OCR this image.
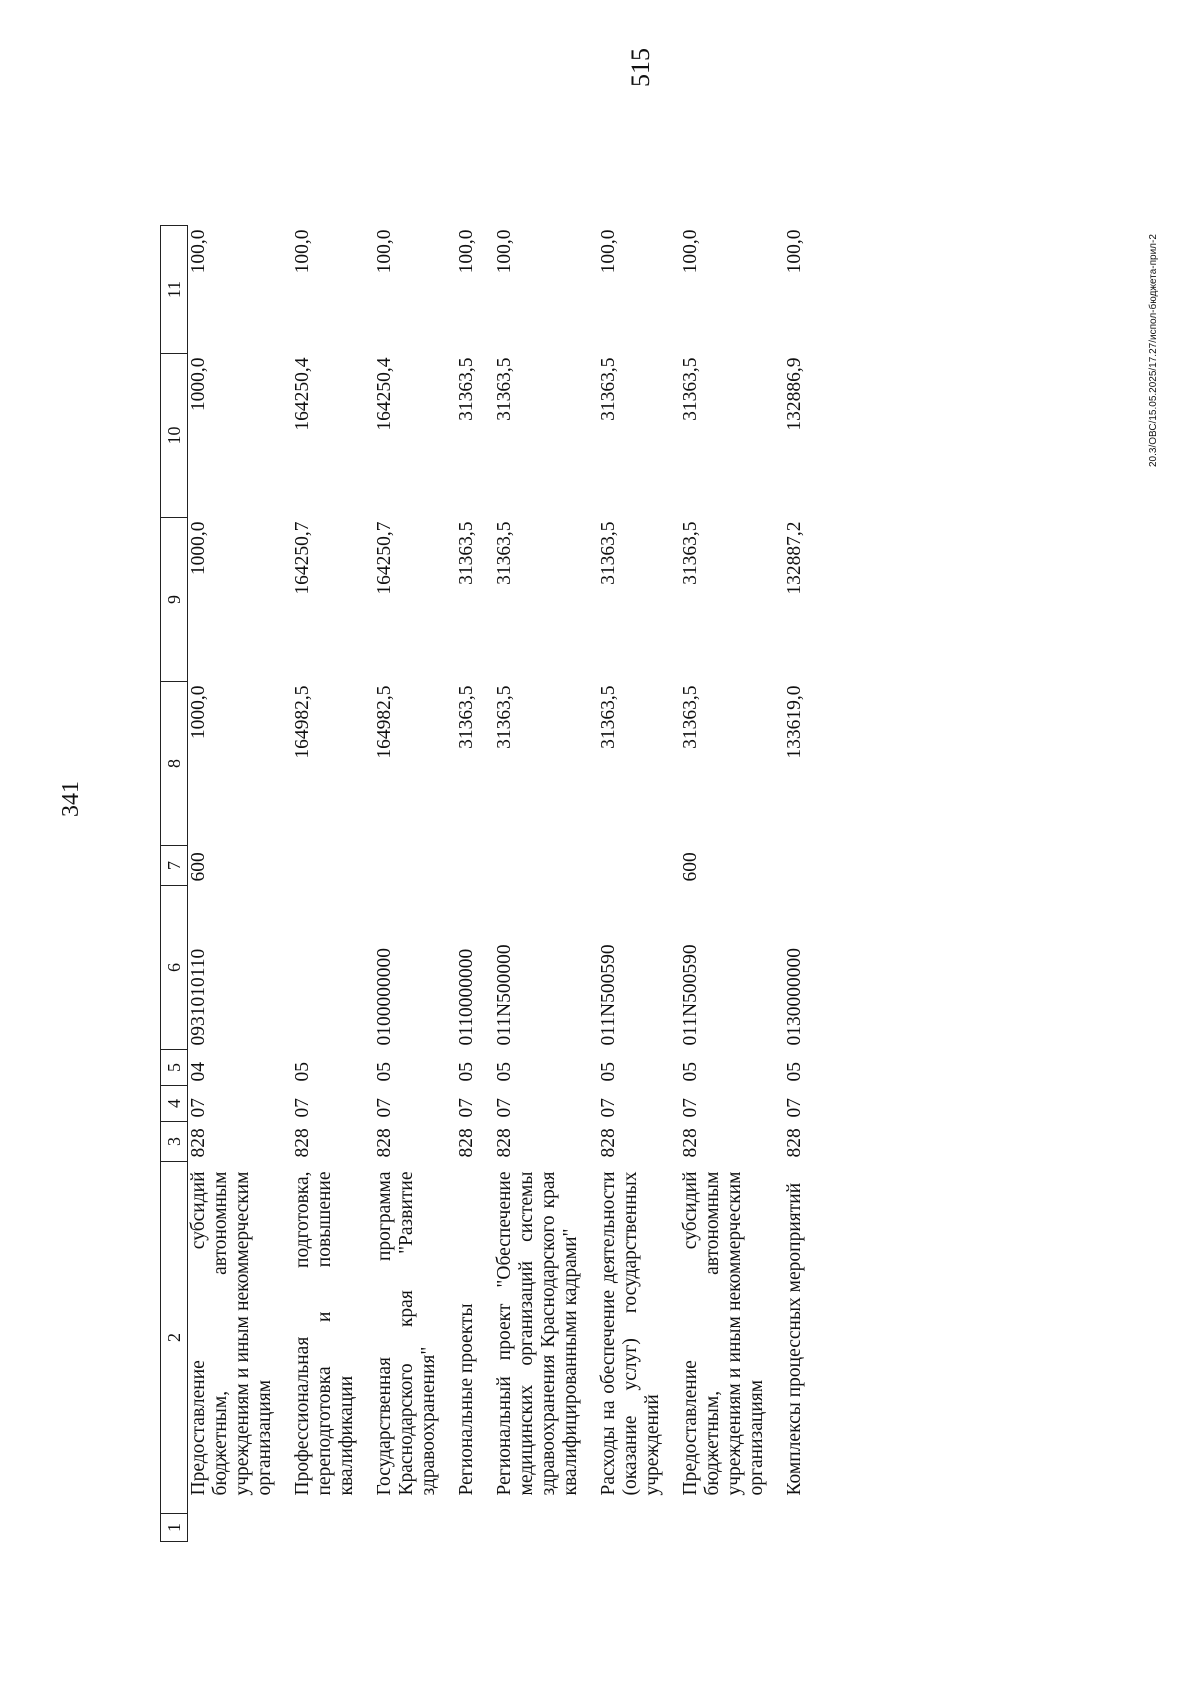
341
1	2	3	4	5	6	7	8	9	10	11
	Предоставление субсидий бюджетным, автономным учреждениям и иным некоммерческим организациям	828	07	04	0931010110	600	1000,0	1000,0	1000,0	100,0
	Профессиональная подготовка, переподготовка и повышение квалификации	828	07	05			164982,5	164250,7	164250,4	100,0
	Государственная программа Краснодарского края "Развитие здравоохранения"	828	07	05	0100000000		164982,5	164250,7	164250,4	100,0
	Региональные проекты	828	07	05	0110000000		31363,5	31363,5	31363,5	100,0
	Региональный проект "Обеспечение медицинских организаций системы здравоохранения Краснодарского края квалифицированными кадрами"	828	07	05	011N500000		31363,5	31363,5	31363,5	100,0
	Расходы на обеспечение деятельности (оказание услуг) государственных учреждений	828	07	05	011N500590		31363,5	31363,5	31363,5	100,0
	Предоставление субсидий бюджетным, автономным учреждениям и иным некоммерческим организациям	828	07	05	011N500590	600	31363,5	31363,5	31363,5	100,0
	Комплексы процессных мероприятий	828	07	05	0130000000		133619,0	132887,2	132886,9	100,0
515
20.3/ОВС/15.05.2025/17.27/испол-бюджета-прил-2
